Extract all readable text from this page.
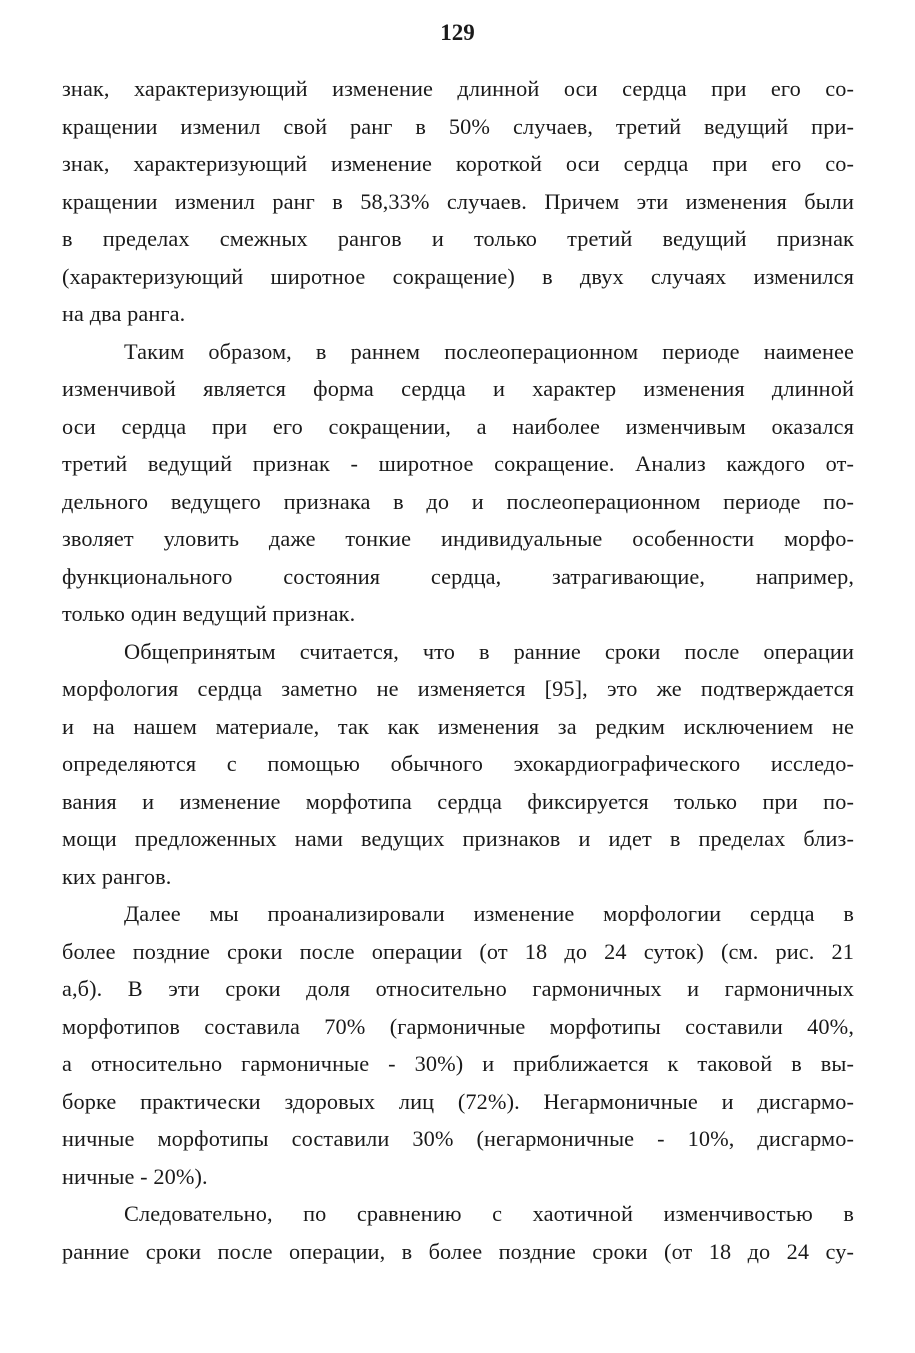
129

знак, характеризующий изменение длинной оси сердца при его со-
кращении изменил свой ранг в 50% случаев, третий ведущий при-
знак, характеризующий изменение короткой оси сердца при его со-
кращении изменил ранг в 58,33% случаев. Причем эти изменения были
в пределах смежных рангов и только третий ведущий признак
(характеризующий широтное сокращение) в двух случаях изменился
на два ранга.

Таким образом, в раннем послеоперационном периоде наименее
изменчивой является форма сердца и характер изменения длинной
оси сердца при его сокращении, а наиболее изменчивым оказался
третий ведущий признак - широтное сокращение. Анализ каждого от-
дельного ведущего признака в до и послеоперационном периоде по-
зволяет уловить даже тонкие индивидуальные особенности морфо-
функционального состояния сердца, затрагивающие, например,
только один ведущий признак.

Общепринятым считается, что в ранние сроки после операции
морфология сердца заметно не изменяется [95], это же подтверждается
и на нашем материале, так как изменения за редким исключением не
определяются с помощью обычного эхокардиографического исследо-
вания и изменение морфотипа сердца фиксируется только при по-
мощи предложенных нами ведущих признаков и идет в пределах близ-
ких рангов.

Далее мы проанализировали изменение морфологии сердца в
более поздние сроки после операции (от 18 до 24 суток) (см. рис. 21
а,б). В эти сроки доля относительно гармоничных и гармоничных
морфотипов составила 70% (гармоничные морфотипы составили 40%,
а относительно гармоничные - 30%) и приближается к таковой в вы-
борке практически здоровых лиц (72%). Негармоничные и дисгармо-
ничные морфотипы составили 30% (негармоничные - 10%, дисгармо-
ничные - 20%).

Следовательно, по сравнению с хаотичной изменчивостью в
ранние сроки после операции, в более поздние сроки (от 18 до 24 су-
